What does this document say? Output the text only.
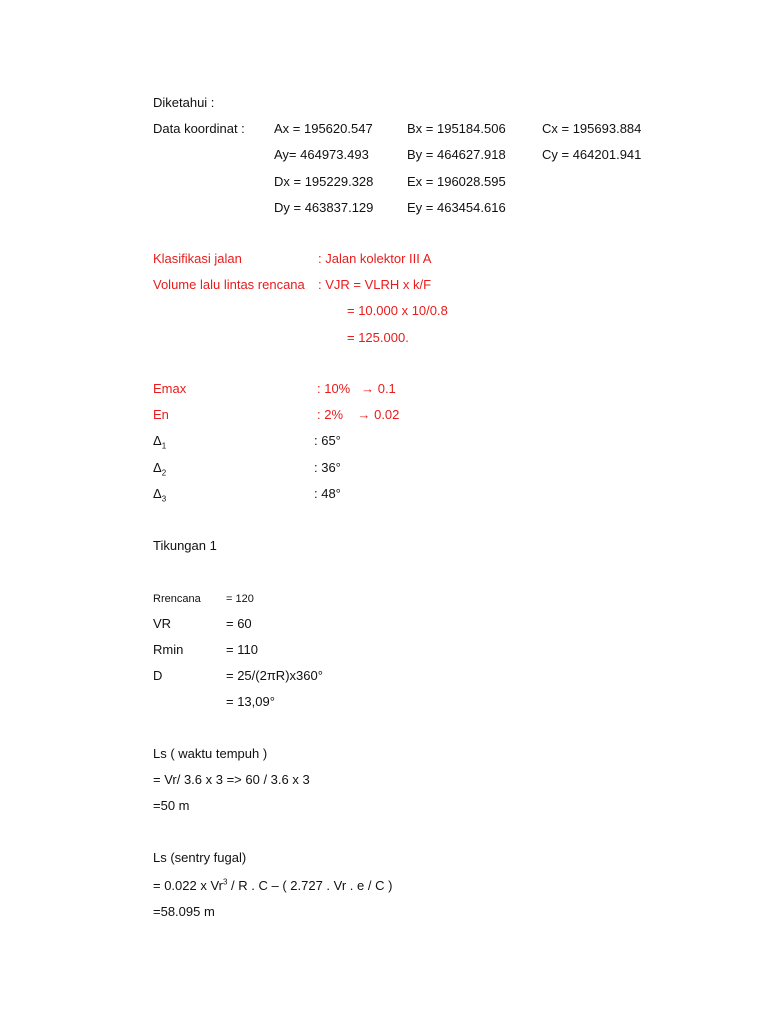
Diketahui :
Data koordinat : Ax = 195620.547	Bx = 195184.506	Cx = 195693.884
Ay= 464973.493	By = 464627.918	Cy = 464201.941
Dx = 195229.328	Ex = 196028.595
Dy = 463837.129	Ey = 463454.616
Klasifikasi jalan	: Jalan kolektor III A
Volume lalu lintas rencana : VJR = VLRH x k/F
= 10.000 x 10/0.8
= 125.000.
Emax	: 10% → 0.1
En	: 2% → 0.02
$\Delta_1$	: 65°
$\Delta_2$	: 36°
$\Delta_3$	: 48°
Tikungan 1
Rrencana = 120
VR	= 60
Rmin	= 110
D	= 25/(2πR)x360°
= 13,09°
Ls ( waktu tempuh )
= Vr/ 3.6 x 3 => 60 / 3.6 x 3
=50 m
Ls (sentry fugal)
= 0.022 x Vr$^3$ / R . C – ( 2.727 . Vr . e / C )
=58.095 m
